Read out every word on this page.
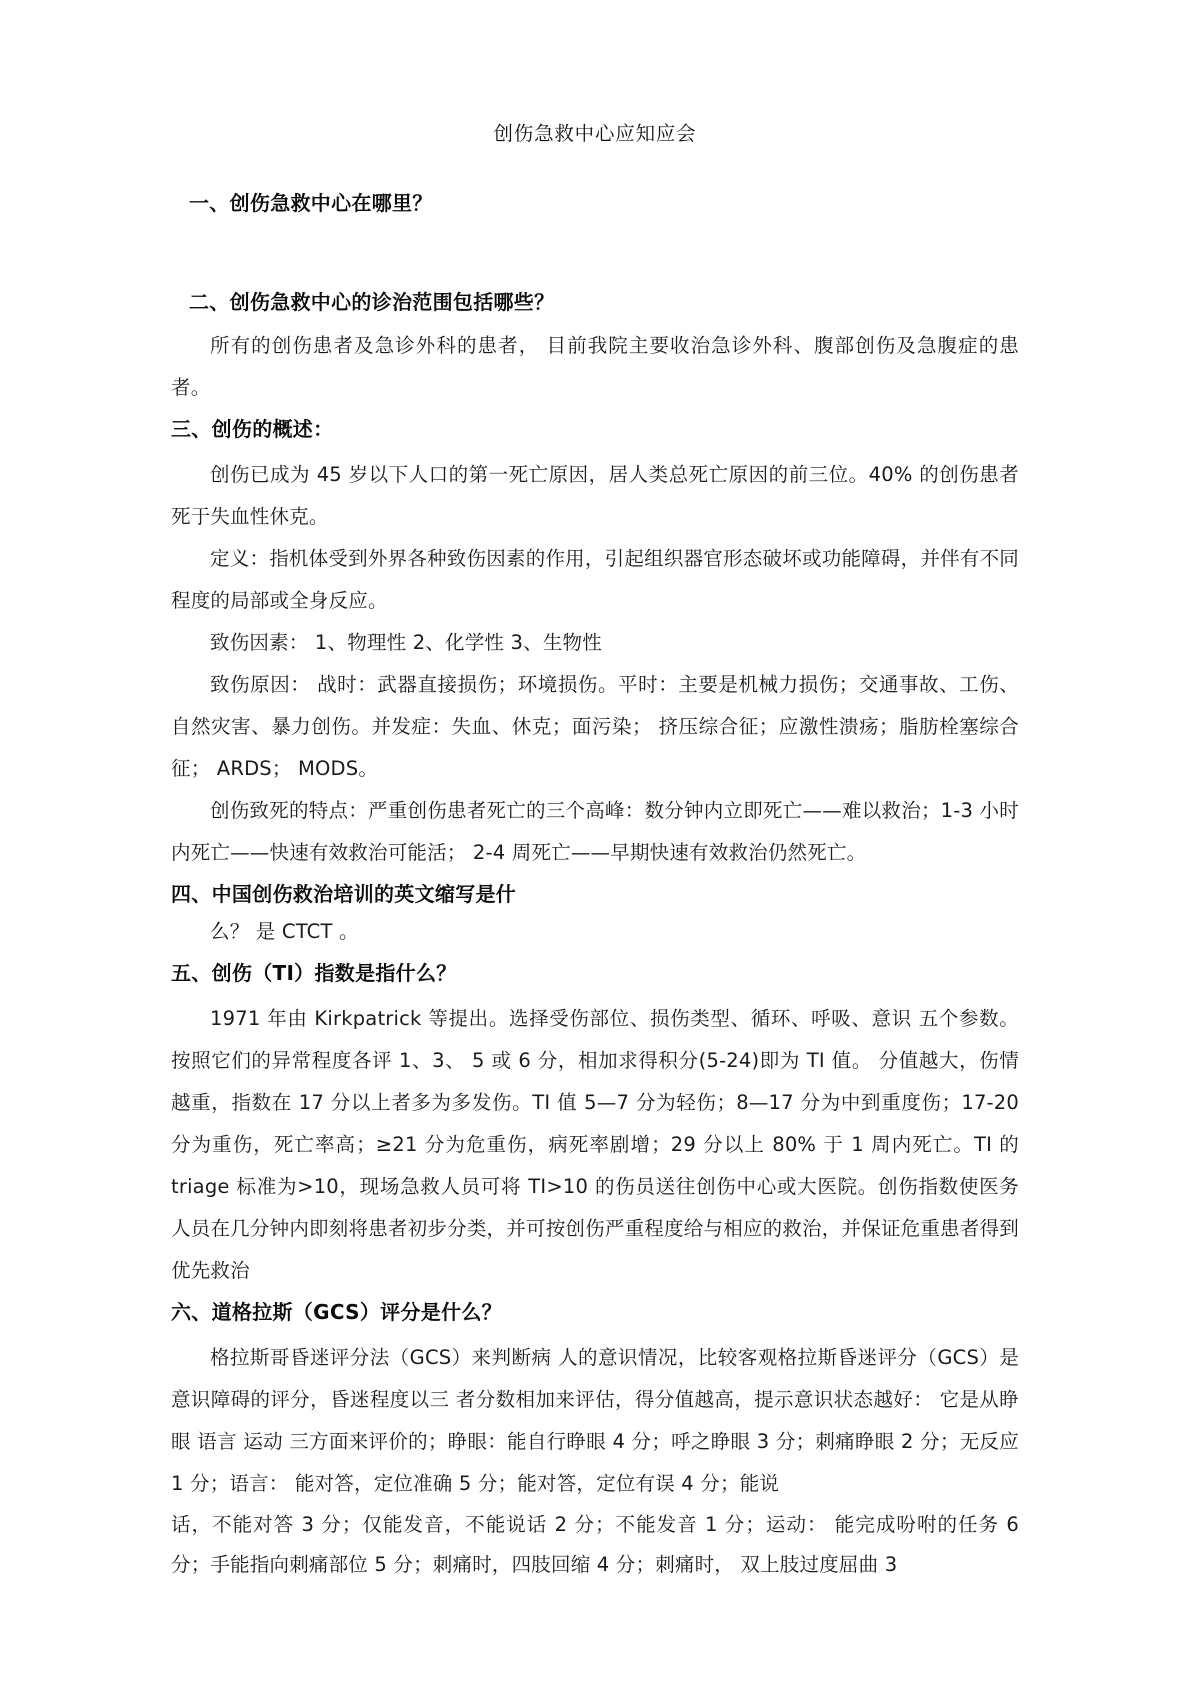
创伤急救中心应知应会
一、创伤急救中心在哪里？
二、创伤急救中心的诊治范围包括哪些？

所有的创伤患者及急诊外科的患者， 目前我院主要收治急诊外科、腹部创伤及急腹症的患者。

三、创伤的概述：

创伤已成为 45 岁以下人口的第一死亡原因，居人类总死亡原因的前三位。40% 的创伤患者死于失血性休克。

定义：指机体受到外界各种致伤因素的作用，引起组织器官形态破坏或功能障碍，并伴有不同程度的局部或全身反应。

致伤因素： 1、物理性 2、化学性 3、生物性

致伤原因： 战时：武器直接损伤；环境损伤。平时：主要是机械力损伤；交通事故、工伤、自然灾害、暴力创伤。并发症：失血、休克；面污染； 挤压综合征；应激性溃疡；脂肪栓塞综合征； ARDS； MODS。

创伤致死的特点：严重创伤患者死亡的三个高峰：数分钟内立即死亡——难以救治；1-3 小时内死亡——快速有效救治可能活； 2-4 周死亡——早期快速有效救治仍然死亡。

四、中国创伤救治培训的英文缩写是什

么？ 是 CTCT 。

五、创伤（TI）指数是指什么？

1971 年由 Kirkpatrick 等提出。选择受伤部位、损伤类型、循环、呼吸、意识 五个参数。按照它们的异常程度各评 1、3、 5 或 6 分，相加求得积分(5-24)即为 TI 值。 分值越大，伤情越重，指数在 17 分以上者多为多发伤。TI 值 5—7 分为轻伤；8—17 分为中到重度伤；17-20 分为重伤，死亡率高；≥21 分为危重伤，病死率剧增；29 分以上 80% 于 1 周内死亡。TI 的 triage 标准为>10，现场急救人员可将 TI>10 的伤员送往创伤中心或大医院。创伤指数使医务人员在几分钟内即刻将患者初步分类，并可按创伤严重程度给与相应的救治，并保证危重患者得到优先救治

六、道格拉斯（GCS）评分是什么？

格拉斯哥昏迷评分法（GCS）来判断病 人的意识情况，比较客观格拉斯昏迷评分（GCS）是意识障碍的评分，昏迷程度以三 者分数相加来评估，得分值越高，提示意识状态越好： 它是从睁眼 语言 运动 三方面来评价的；睁眼：能自行睁眼 4 分；呼之睁眼 3 分；刺痛睁眼 2 分；无反应 1 分；语言： 能对答，定位准确 5 分；能对答，定位有误 4 分；能说

话，不能对答 3 分；仅能发音，不能说话 2 分；不能发音 1 分；运动： 能完成吩咐的任务 6 分；手能指向刺痛部位 5 分；刺痛时，四肢回缩 4 分；刺痛时， 双上肢过度屈曲 3
